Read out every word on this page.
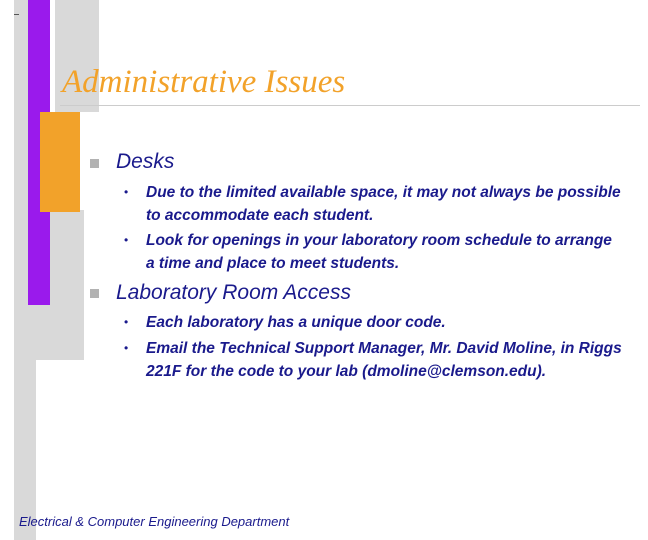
Administrative Issues
Desks
• Due to the limited available space, it may not always be possible to accommodate each student.
• Look for openings in your laboratory room schedule to arrange a time and place to meet students.
Laboratory Room Access
• Each laboratory has a unique door code.
• Email the Technical Support Manager, Mr. David Moline, in Riggs 221F for the code to your lab (dmoline@clemson.edu).
Electrical & Computer Engineering Department
